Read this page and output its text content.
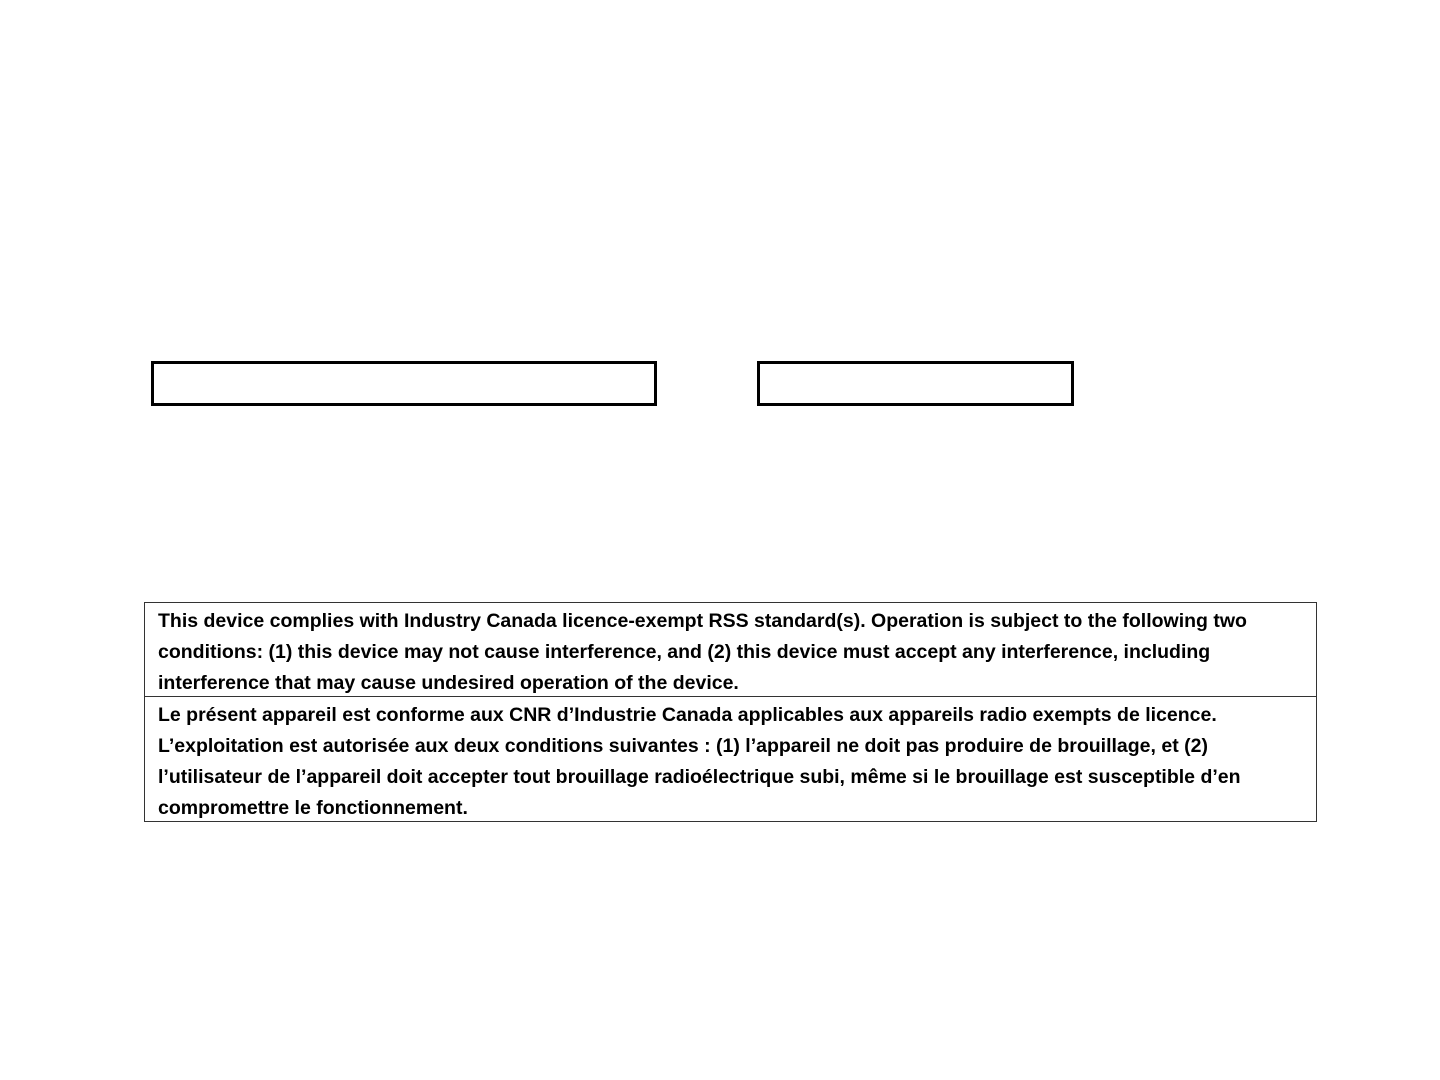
This device complies with Industry Canada licence-exempt RSS standard(s). Operation is subject to the following two conditions: (1) this device may not cause interference, and (2) this device must accept any interference, including interference that may cause undesired operation of the device.
Le présent appareil est conforme aux CNR d’Industrie Canada applicables aux appareils radio exempts de licence. L’exploitation est autorisée aux deux conditions suivantes : (1) l’appareil ne doit pas produire de brouillage, et (2) l’utilisateur de l’appareil doit accepter tout brouillage radioélectrique subi, même si le brouillage est susceptible d’en compromettre le fonctionnement.
